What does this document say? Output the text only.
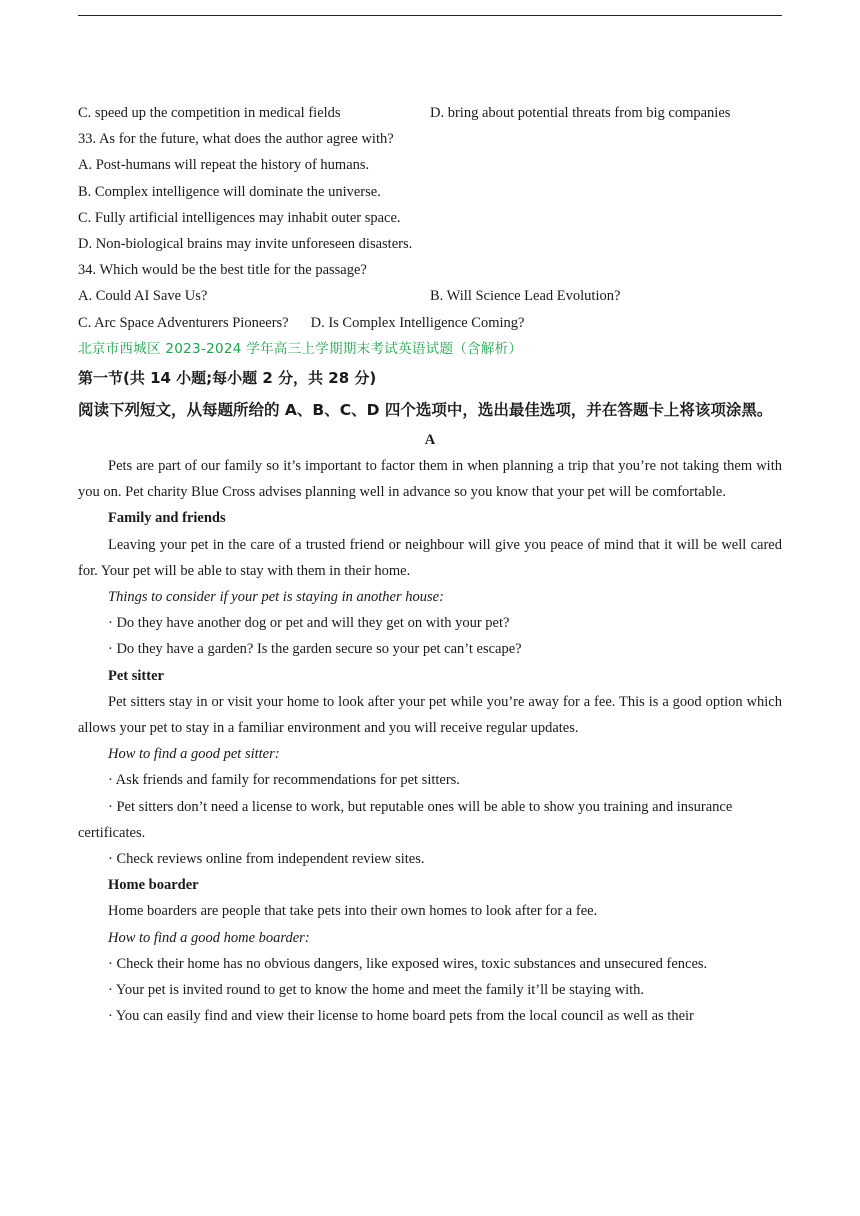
C. speed up the competition in medical fields	D. bring about potential threats from big companies
33. As for the future, what does the author agree with?
A. Post-humans will repeat the history of humans.
B. Complex intelligence will dominate the universe.
C. Fully artificial intelligences may inhabit outer space.
D. Non-biological brains may invite unforeseen disasters.
34. Which would be the best title for the passage?
A. Could AI Save Us?	B. Will Science Lead Evolution?
C. Arc Space Adventurers Pioneers? D. Is Complex Intelligence Coming?
北京市西城区 2023-2024 学年高三上学期期末考试英语试题（含解析）
第一节(共 14 小题;每小题 2 分，共 28 分)
阅读下列短文，从每题所给的 A、B、C、D 四个选项中，选出最佳选项，并在答题卡上将该项涂黑。
A
Pets are part of our family so it’s important to factor them in when planning a trip that you’re not taking them with you on. Pet charity Blue Cross advises planning well in advance so you know that your pet will be comfortable.
Family and friends
Leaving your pet in the care of a trusted friend or neighbour will give you peace of mind that it will be well cared for. Your pet will be able to stay with them in their home.
Things to consider if your pet is staying in another house:
· Do they have another dog or pet and will they get on with your pet?
· Do they have a garden? Is the garden secure so your pet can’t escape?
Pet sitter
Pet sitters stay in or visit your home to look after your pet while you’re away for a fee. This is a good option which allows your pet to stay in a familiar environment and you will receive regular updates.
How to find a good pet sitter:
· Ask friends and family for recommendations for pet sitters.
· Pet sitters don’t need a license to work, but reputable ones will be able to show you training and insurance certificates.
· Check reviews online from independent review sites.
Home boarder
Home boarders are people that take pets into their own homes to look after for a fee.
How to find a good home boarder:
· Check their home has no obvious dangers, like exposed wires, toxic substances and unsecured fences.
· Your pet is invited round to get to know the home and meet the family it’ll be staying with.
· You can easily find and view their license to home board pets from the local council as well as their
